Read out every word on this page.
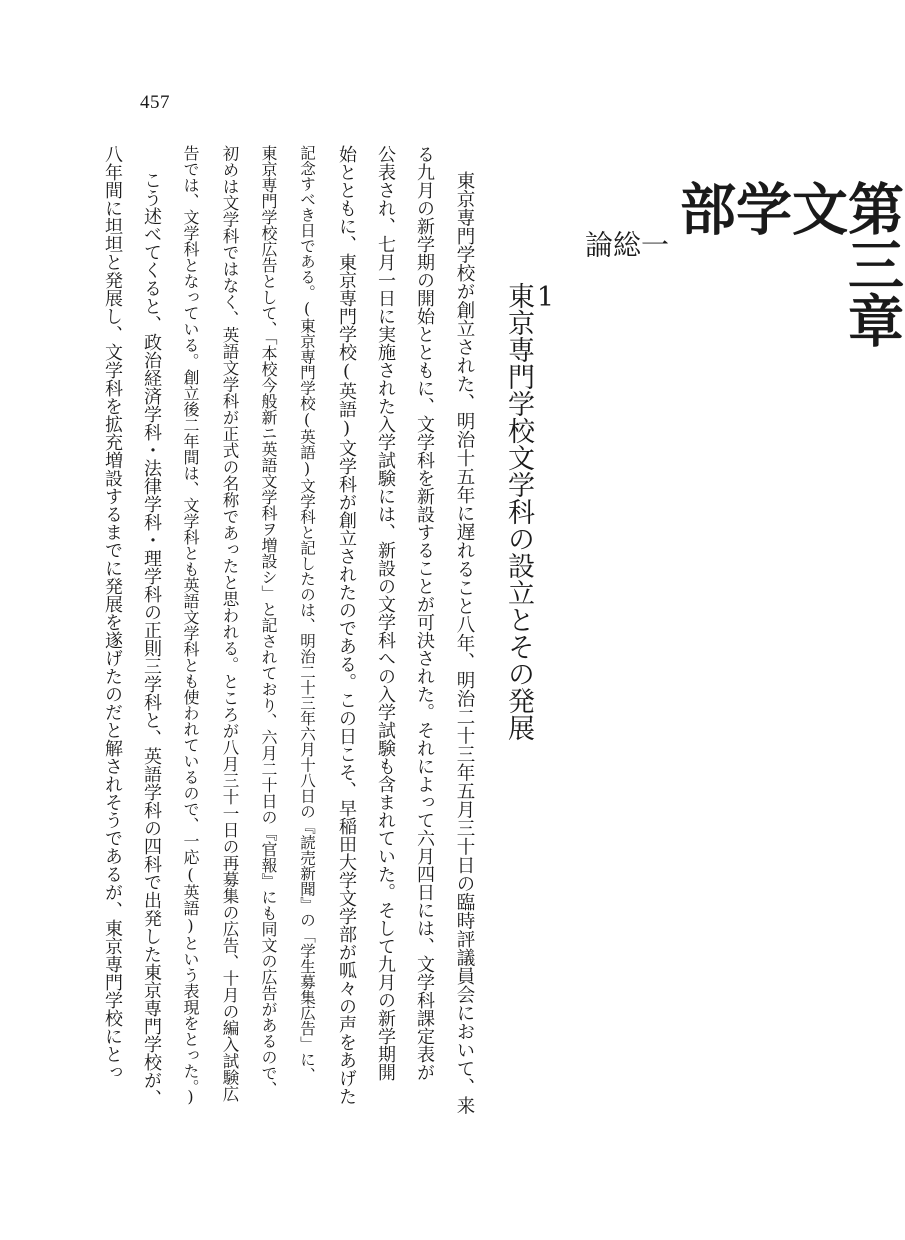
457
第三章
文
学
部
一
総
論
1
東京専門学校文学科の設立とその発展
東京専門学校が創立された、明治十五年に遅れること八年、明治二十三年五月三十日の臨時評議員会において、来
る九月の新学期の開始とともに、文学科を新設することが可決された。それによって六月四日には、文学科課定表が
公表され、七月一日に実施された入学試験には、新設の文学科への入学試験も含まれていた。そして九月の新学期開
始とともに、東京専門学校(英語)文学科が創立されたのである。この日こそ、早稲田大学文学部が呱々の声をあげた
記念すべき日である。(東京専門学校(英語)文学科と記したのは、明治二十三年六月十八日の『読売新聞』の「学生募集広告」に、
東京専門学校広告として、「本校今般新ニ英語文学科ヲ増設シ」と記されており、六月二十日の『官報』にも同文の広告があるので、
初めは文学科ではなく、英語文学科が正式の名称であったと思われる。ところが八月三十一日の再募集の広告、十月の編入試験広
告では、文学科となっている。創立後二年間は、文学科とも英語文学科とも使われているので、一応(英語)という表現をとった。)
こう述べてくると、政治経済学科・法律学科・理学科の正則三学科と、英語学科の四科で出発した東京専門学校が、
八年間に坦坦と発展し、文学科を拡充増設するまでに発展を遂げたのだと解されそうであるが、東京専門学校にとっ
